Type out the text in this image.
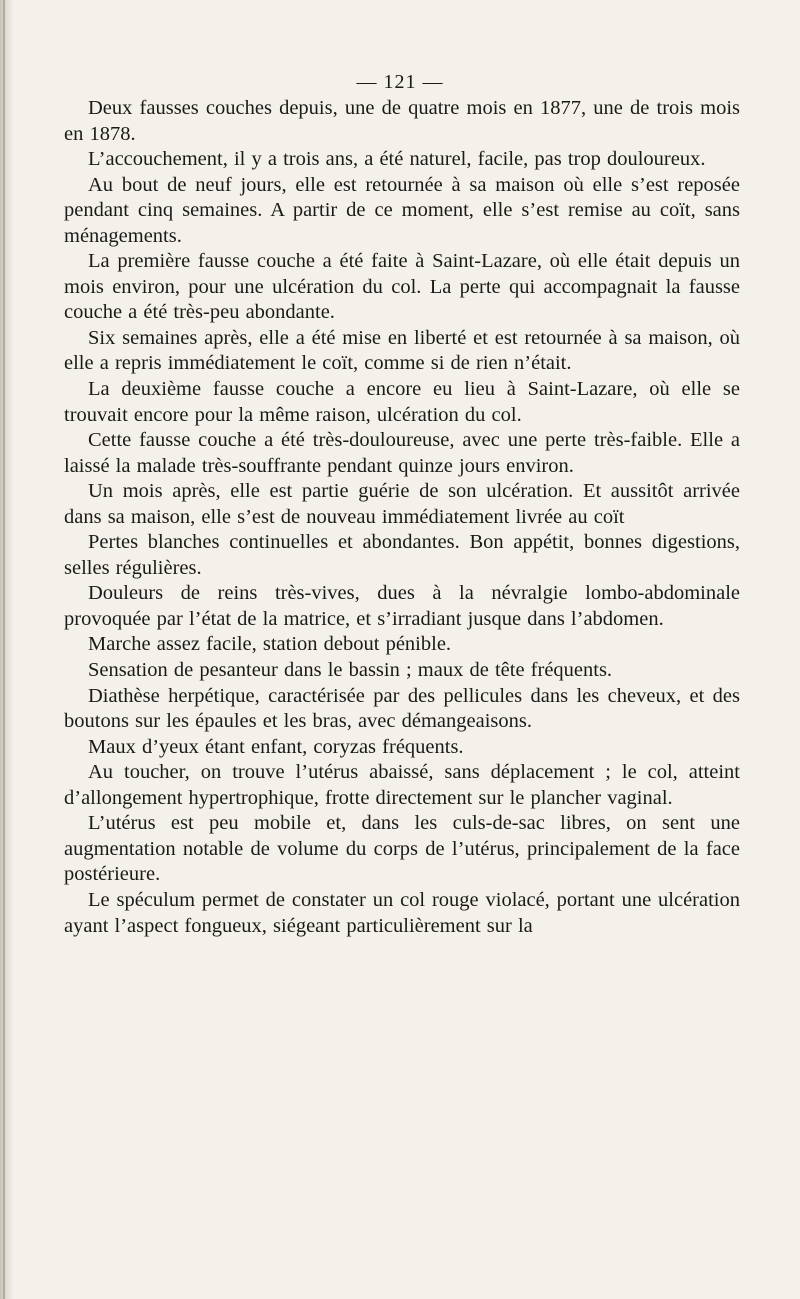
— 121 —

Deux fausses couches depuis, une de quatre mois en 1877, une de trois mois en 1878.

L’accouchement, il y a trois ans, a été naturel, facile, pas trop douloureux.

Au bout de neuf jours, elle est retournée à sa maison où elle s’est reposée pendant cinq semaines. A partir de ce moment, elle s’est remise au coït, sans ménagements.

La première fausse couche a été faite à Saint-Lazare, où elle était depuis un mois environ, pour une ulcération du col. La perte qui accompagnait la fausse couche a été très-peu abondante.

Six semaines après, elle a été mise en liberté et est retournée à sa maison, où elle a repris immédiatement le coït, comme si de rien n’était.

La deuxième fausse couche a encore eu lieu à Saint-Lazare, où elle se trouvait encore pour la même raison, ulcération du col.

Cette fausse couche a été très-douloureuse, avec une perte très-faible. Elle a laissé la malade très-souffrante pendant quinze jours environ.

Un mois après, elle est partie guérie de son ulcération. Et aussitôt arrivée dans sa maison, elle s’est de nouveau immédiatement livrée au coït

Pertes blanches continuelles et abondantes. Bon appétit, bonnes digestions, selles régulières.

Douleurs de reins très-vives, dues à la névralgie lombo-abdominale provoquée par l’état de la matrice, et s’irradiant jusque dans l’abdomen.

Marche assez facile, station debout pénible.

Sensation de pesanteur dans le bassin ; maux de tête fréquents.

Diathèse herpétique, caractérisée par des pellicules dans les cheveux, et des boutons sur les épaules et les bras, avec démangeaisons.

Maux d’yeux étant enfant, coryzas fréquents.

Au toucher, on trouve l’utérus abaissé, sans déplacement ; le col, atteint d’allongement hypertrophique, frotte directement sur le plancher vaginal.

L’utérus est peu mobile et, dans les culs-de-sac libres, on sent une augmentation notable de volume du corps de l’utérus, principalement de la face postérieure.

Le spéculum permet de constater un col rouge violacé, portant une ulcération ayant l’aspect fongueux, siégeant particulièrement sur la
